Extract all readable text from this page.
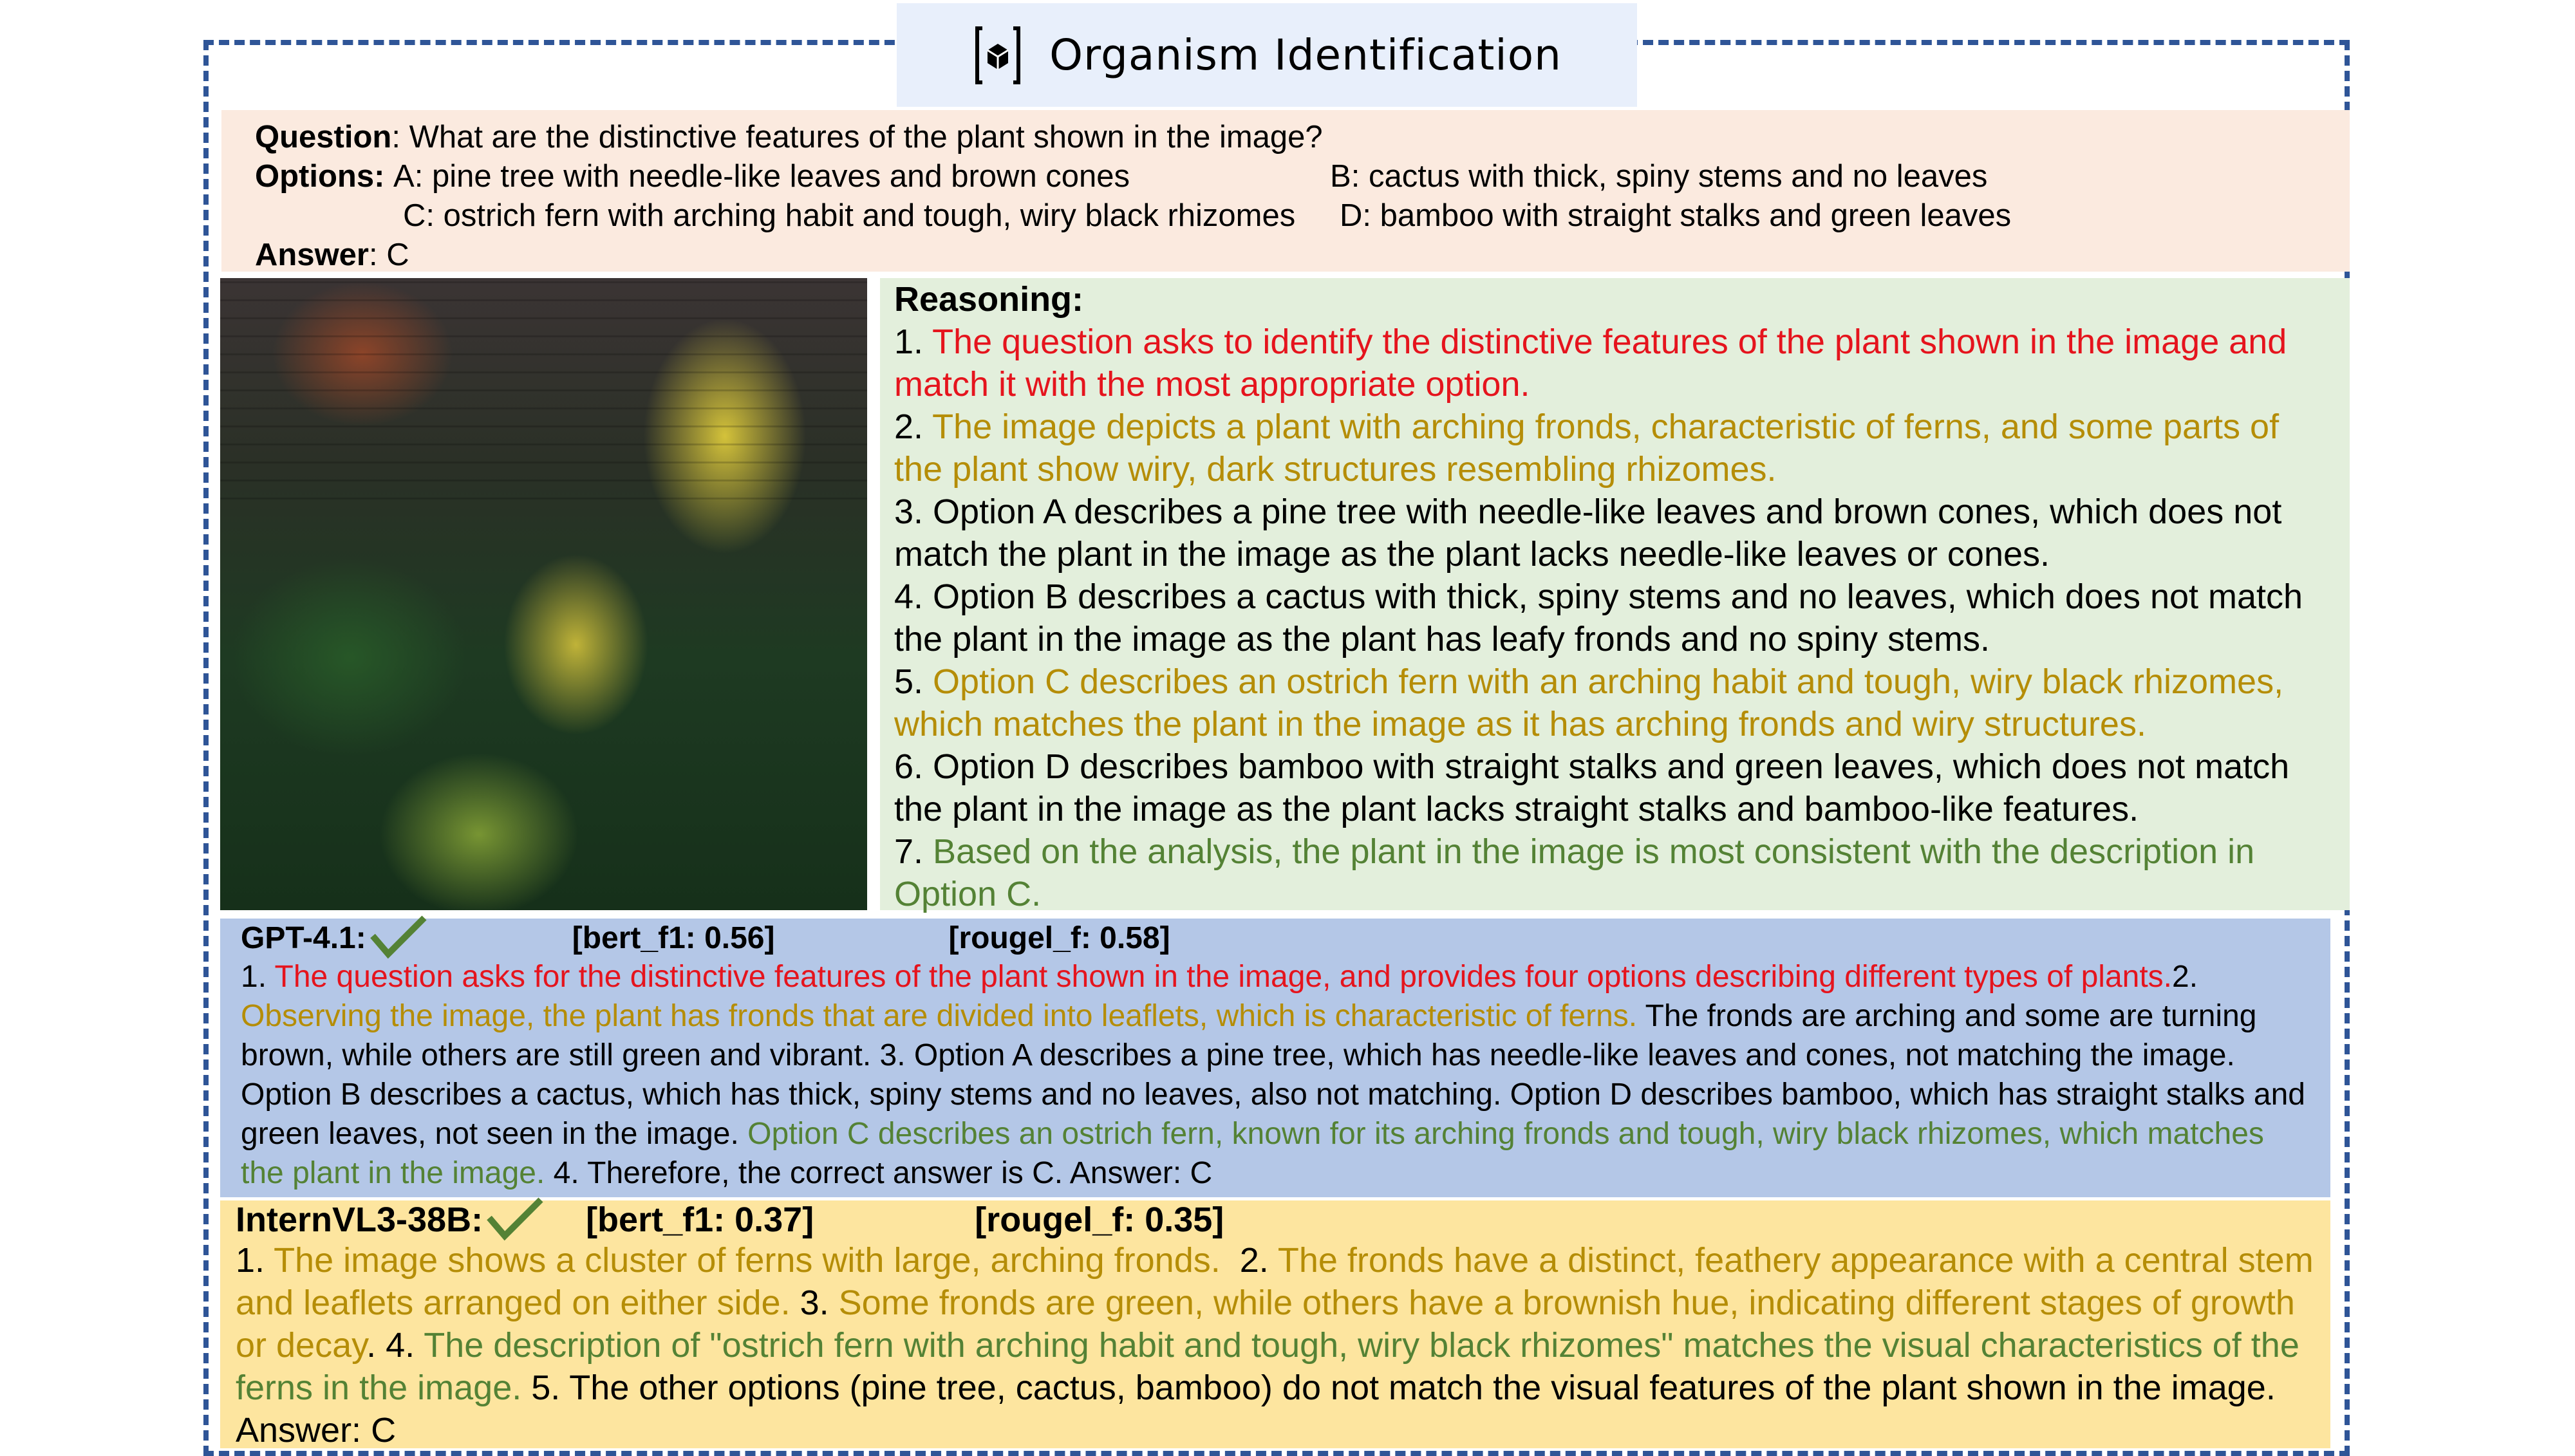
Organism Identification
Question: What are the distinctive features of the plant shown in the image?
Options:
A: pine tree with needle-like leaves and brown cones	B: cactus with thick, spiny stems and no leaves
C: ostrich fern with arching habit and tough, wiry black rhizomes	D: bamboo with straight stalks and green leaves
Answer: C
Reasoning:
1. The question asks to identify the distinctive features of the plant shown in the image and match it with the most appropriate option.
2. The image depicts a plant with arching fronds, characteristic of ferns, and some parts of the plant show wiry, dark structures resembling rhizomes.
3. Option A describes a pine tree with needle-like leaves and brown cones, which does not match the plant in the image as the plant lacks needle-like leaves or cones.
4. Option B describes a cactus with thick, spiny stems and no leaves, which does not match the plant in the image as the plant has leafy fronds and no spiny stems.
5. Option C describes an ostrich fern with an arching habit and tough, wiry black rhizomes, which matches the plant in the image as it has arching fronds and wiry structures.
6. Option D describes bamboo with straight stalks and green leaves, which does not match the plant in the image as the plant lacks straight stalks and bamboo-like features.
7. Based on the analysis, the plant in the image is most consistent with the description in Option C.
GPT-4.1 :	[bert_f1: 0.56]	[rougel_f: 0.58]
1. The question asks for the distinctive features of the plant shown in the image, and provides four options describing different types of plants.2. Observing the image, the plant has fronds that are divided into leaflets, which is characteristic of ferns. The fronds are arching and some are turning brown, while others are still green and vibrant. 3. Option A describes a pine tree, which has needle-like leaves and cones, not matching the image. Option B describes a cactus, which has thick, spiny stems and no leaves, also not matching. Option D describes bamboo, which has straight stalks and green leaves, not seen in the image. Option C describes an ostrich fern, known for its arching fronds and tough, wiry black rhizomes, which matches the plant in the image. 4. Therefore, the correct answer is C. Answer: C
InternVL3-38B :	[bert_f1: 0.37]	[rougel_f: 0.35]
1. The image shows a cluster of ferns with large, arching fronds.  2. The fronds have a distinct, feathery appearance with a central stem and leaflets arranged on either side. 3. Some fronds are green, while others have a brownish hue, indicating different stages of growth or decay. 4. The description of "ostrich fern with arching habit and tough, wiry black rhizomes" matches the visual characteristics of the ferns in the image. 5. The other options (pine tree, cactus, bamboo) do not match the visual features of the plant shown in the image. Answer: C
